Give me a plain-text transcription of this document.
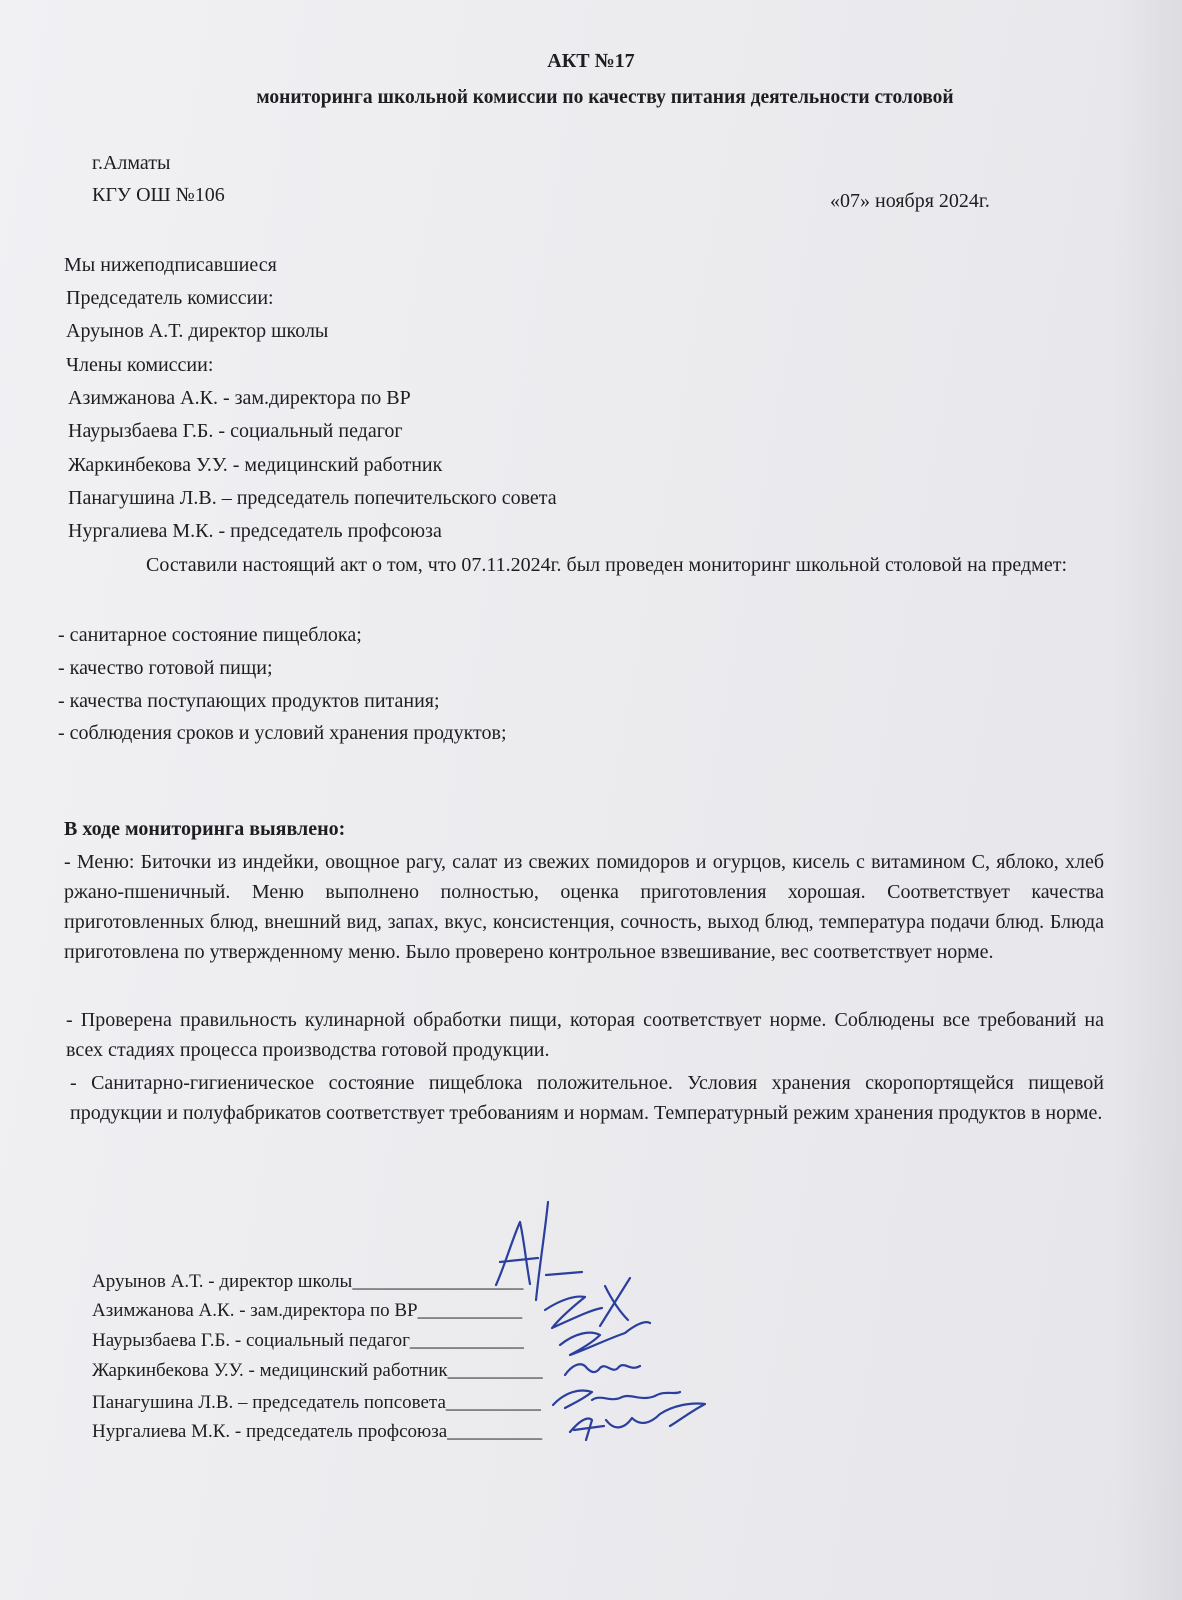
АКТ №17
мониторинга школьной комиссии по качеству питания деятельности столовой
г.Алматы
КГУ ОШ №106	«07» ноября 2024г.
Мы нижеподписавшиеся
Председатель комиссии:
Аруынов А.Т. директор школы
Члены комиссии:
Азимжанова А.К. - зам.директора по ВР
Наурызбаева Г.Б. - социальный педагог
Жаркинбекова У.У. - медицинский работник
Панагушина Л.В. – председатель попечительского совета
Нургалиева М.К. - председатель профсоюза
Составили настоящий акт о том, что 07.11.2024г. был проведен мониторинг школьной столовой на предмет:
- санитарное состояние пищеблока;
- качество готовой пищи;
- качества поступающих продуктов питания;
- соблюдения сроков и условий хранения продуктов;
В ходе мониторинга выявлено:
- Меню: Биточки из индейки, овощное рагу, салат из свежих помидоров и огурцов, кисель с витамином С, яблоко, хлеб ржано-пшеничный. Меню выполнено полностью, оценка приготовления хорошая. Соответствует качества приготовленных блюд, внешний вид, запах, вкус, консистенция, сочность, выход блюд, температура подачи блюд. Блюда приготовлена по утвержденному меню. Было проверено контрольное взвешивание, вес соответствует норме.
- Проверена правильность кулинарной обработки пищи, которая соответствует норме. Соблюдены все требований на всех стадиях процесса производства готовой продукции.
- Санитарно-гигиеническое состояние пищеблока положительное. Условия хранения скоропортящейся пищевой продукции и полуфабрикатов соответствует требованиям и нормам. Температурный режим хранения продуктов в норме.
Аруынов А.Т. - директор школы__________________
Азимжанова А.К. - зам.директора по ВР___________
Наурызбаева Г.Б. - социальный педагог____________
Жаркинбекова У.У. - медицинский работник__________
Панагушина Л.В. – председатель попсовета__________
Нургалиева М.К. - председатель профсоюза__________
